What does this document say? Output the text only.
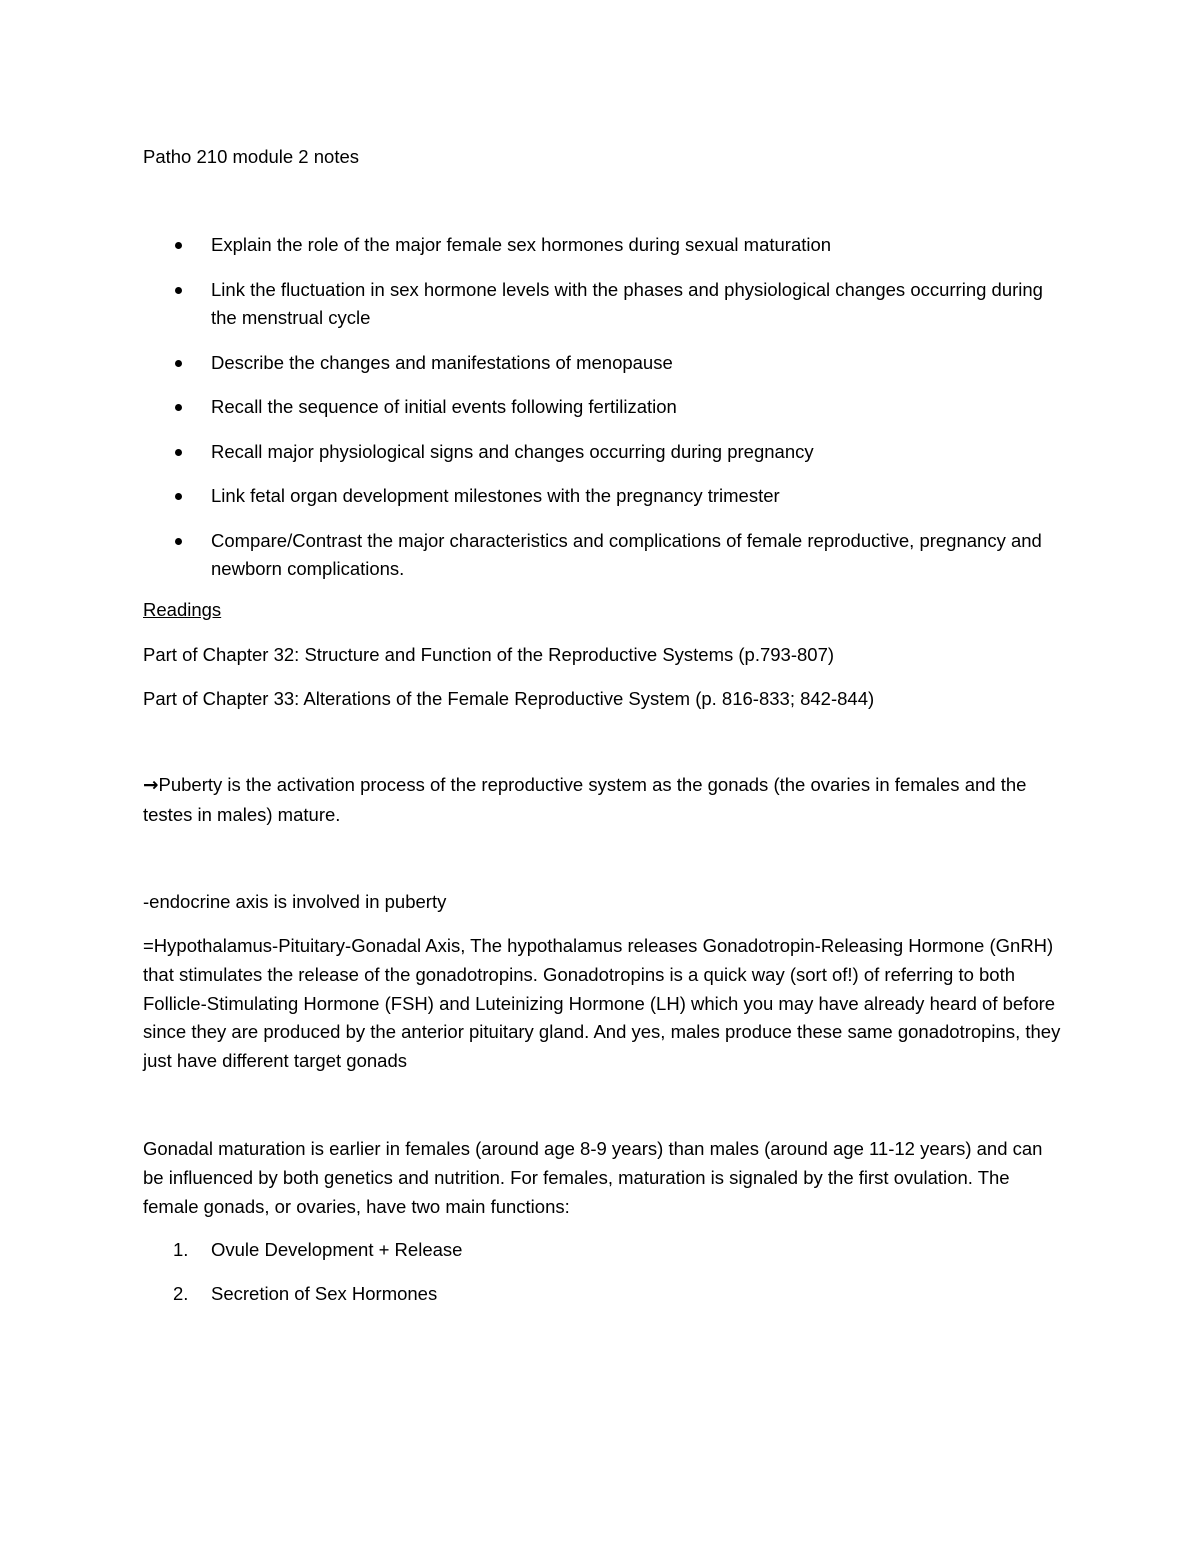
Patho 210 module 2 notes
Explain the role of the major female sex hormones during sexual maturation
Link the fluctuation in sex hormone levels with the phases and physiological changes occurring during the menstrual cycle
Describe the changes and manifestations of menopause
Recall the sequence of initial events following fertilization
Recall major physiological signs and changes occurring during pregnancy
Link fetal organ development milestones with the pregnancy trimester
Compare/Contrast the major characteristics and complications of female reproductive, pregnancy and newborn complications.
Readings
Part of Chapter 32: Structure and Function of the Reproductive Systems (p.793-807)
Part of Chapter 33: Alterations of the Female Reproductive System (p. 816-833; 842-844)

→Puberty is the activation process of the reproductive system as the gonads (the ovaries in females and the testes in males) mature.

-endocrine axis is involved in puberty

=Hypothalamus-Pituitary-Gonadal Axis, The hypothalamus releases Gonadotropin-Releasing Hormone (GnRH) that stimulates the release of the gonadotropins. Gonadotropins is a quick way (sort of!) of referring to both Follicle-Stimulating Hormone (FSH) and Luteinizing Hormone (LH) which you may have already heard of before since they are produced by the anterior pituitary gland. And yes, males produce these same gonadotropins, they just have different target gonads

Gonadal maturation is earlier in females (around age 8-9 years) than males (around age 11-12 years) and can be influenced by both genetics and nutrition. For females, maturation is signaled by the first ovulation. The female gonads, or ovaries, have two main functions:

1. Ovule Development + Release
2. Secretion of Sex Hormones
